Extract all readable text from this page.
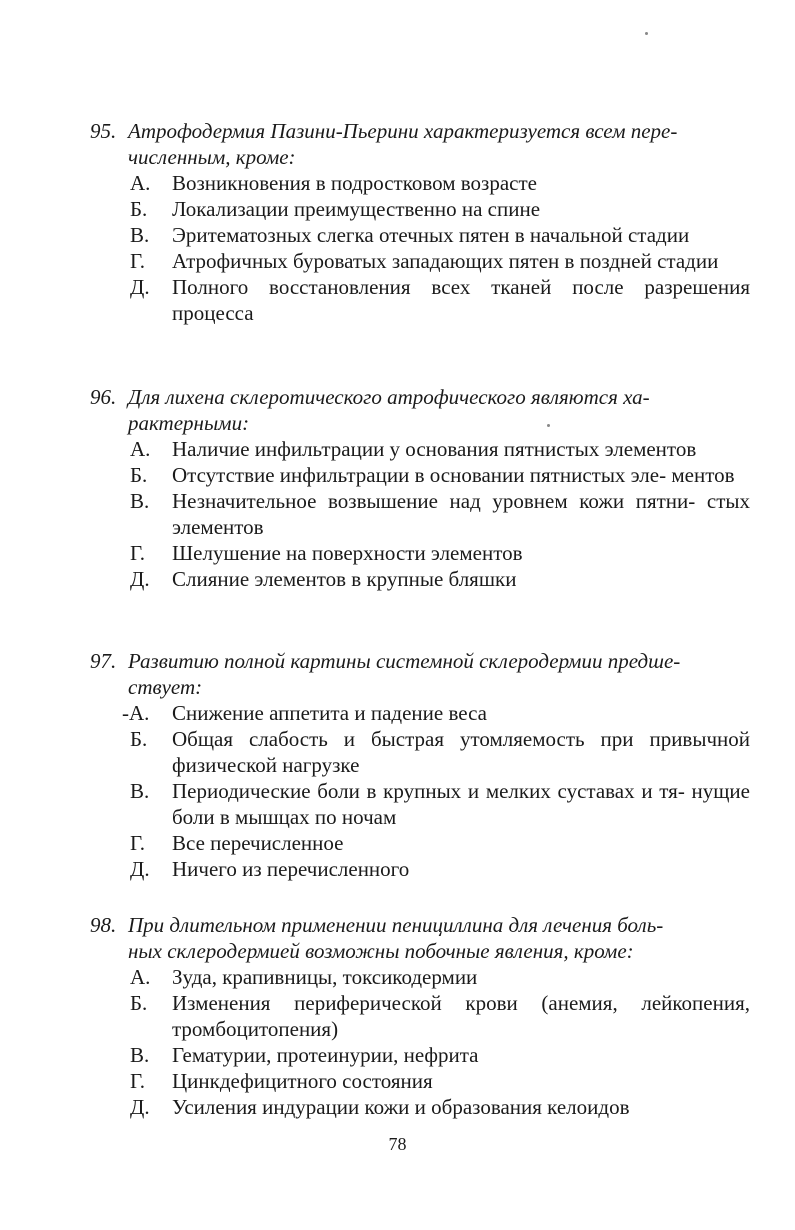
95. Атрофодермия Пазини-Пьерини характеризуется всем пере-
численным, кроме:
А. Возникновения в подростковом возрасте
Б. Локализации преимущественно на спине
В. Эритематозных слегка отечных пятен в начальной стадии
Г. Атрофичных буроватых западающих пятен в поздней стадии
Д. Полного восстановления всех тканей после разрешения процесса
96. Для лихена склеротического атрофического являются ха-
рактерными:
А. Наличие инфильтрации у основания пятнистых элементов
Б. Отсутствие инфильтрации в основании пятнистых эле- ментов
В. Незначительное возвышение над уровнем кожи пятни- стых элементов
Г. Шелушение на поверхности элементов
Д. Слияние элементов в крупные бляшки
97. Развитию полной картины системной склеродермии предше-
ствует:
-А. Снижение аппетита и падение веса
Б. Общая слабость и быстрая утомляемость при привычной физической нагрузке
В. Периодические боли в крупных и мелких суставах и тя- нущие боли в мышцах по ночам
Г. Все перечисленное
Д. Ничего из перечисленного
98. При длительном применении пенициллина для лечения боль-
ных склеродермией возможны побочные явления, кроме:
А. Зуда, крапивницы, токсикодермии
Б. Изменения периферической крови (анемия, лейкопения, тромбоцитопения)
В. Гематурии, протеинурии, нефрита
Г. Цинкдефицитного состояния
Д. Усиления индурации кожи и образования келоидов
78
